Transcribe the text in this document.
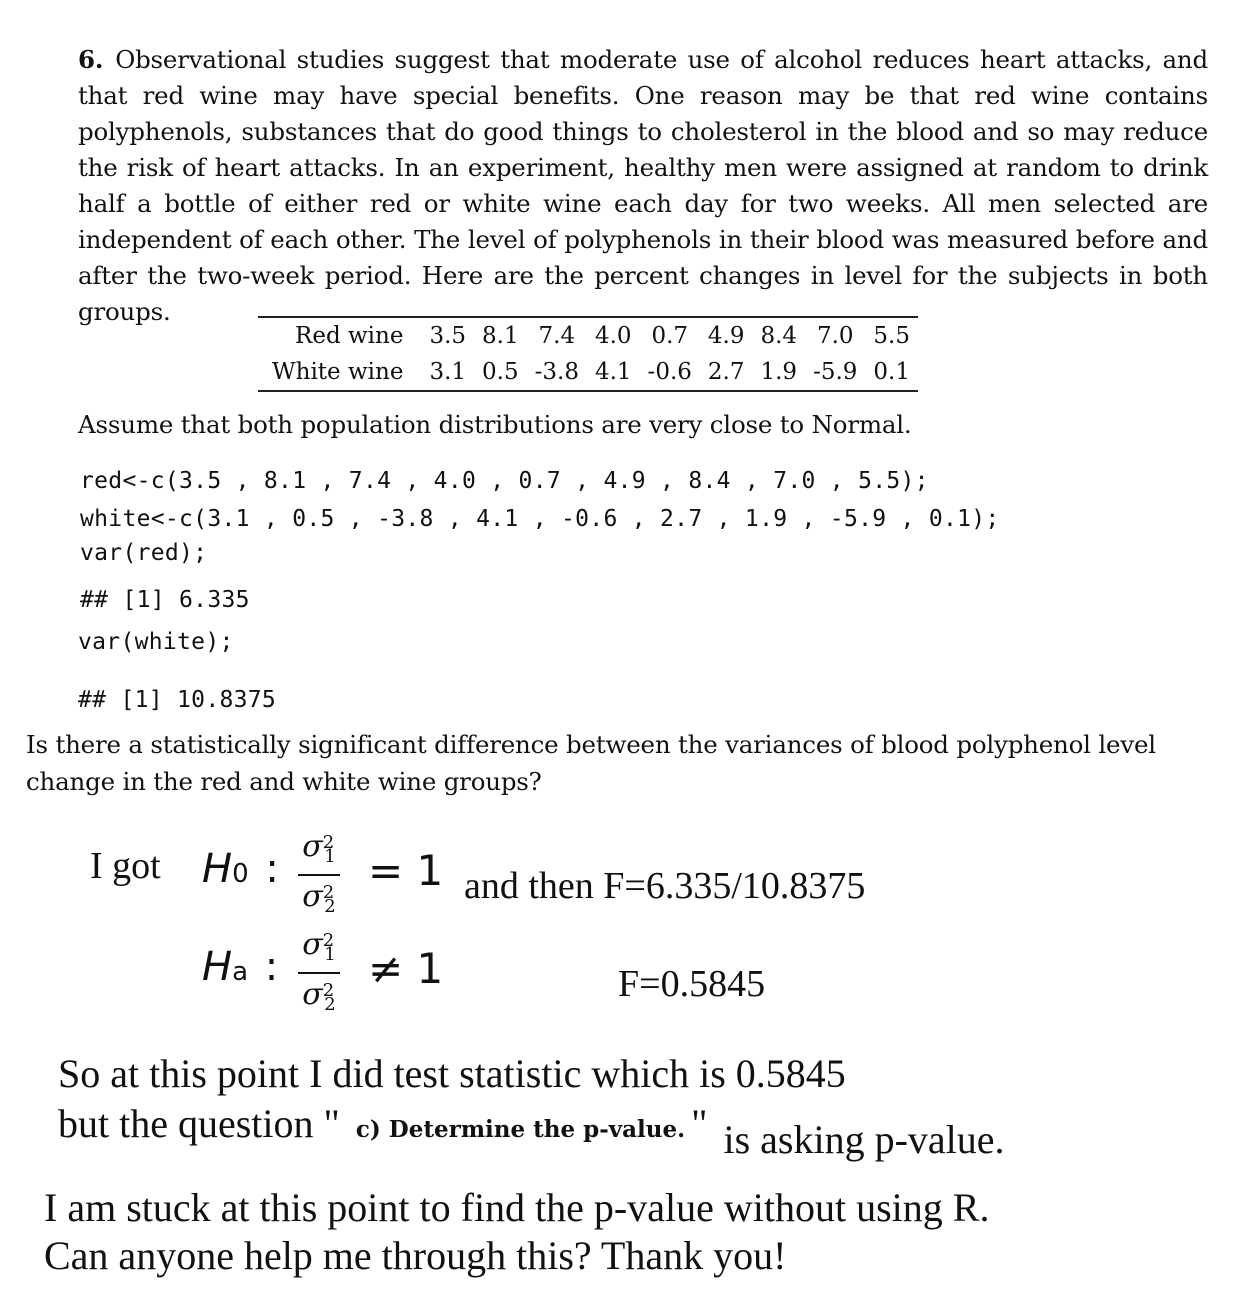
6. Observational studies suggest that moderate use of alcohol reduces heart attacks, and that red wine may have special benefits. One reason may be that red wine contains polyphenols, substances that do good things to cholesterol in the blood and so may reduce the risk of heart attacks. In an experiment, healthy men were assigned at random to drink half a bottle of either red or white wine each day for two weeks. All men selected are independent of each other. The level of polyphenols in their blood was measured before and after the two-week period. Here are the percent changes in level for the subjects in both groups.
Red wine	3.5	8.1	7.4	4.0	0.7	4.9	8.4	7.0	5.5
White wine	3.1	0.5	-3.8	4.1	-0.6	2.7	1.9	-5.9	0.1
Assume that both population distributions are very close to Normal.
red<-c(3.5 , 8.1 , 7.4 , 4.0 , 0.7 , 4.9 , 8.4 , 7.0 , 5.5);
white<-c(3.1 , 0.5 , -3.8 , 4.1 , -0.6 , 2.7 , 1.9 , -5.9 , 0.1);
var(red);
## [1] 6.335
var(white);
## [1] 10.8375
Is there a statistically significant difference between the variances of blood polyphenol level change in the red and white wine groups?
I got H0 : $\sigma^2_1$
$\sigma^2_2$
= 1 and then F=6.335/10.8375
Ha : $\sigma^2_1$
$\sigma^2_2$
≠ 1	F=0.5845
So at this point I did test statistic which is 0.5845
but the question " c) Determine the p-value. " is asking p-value.
I am stuck at this point to find the p-value without using R.
Can anyone help me through this? Thank you!
